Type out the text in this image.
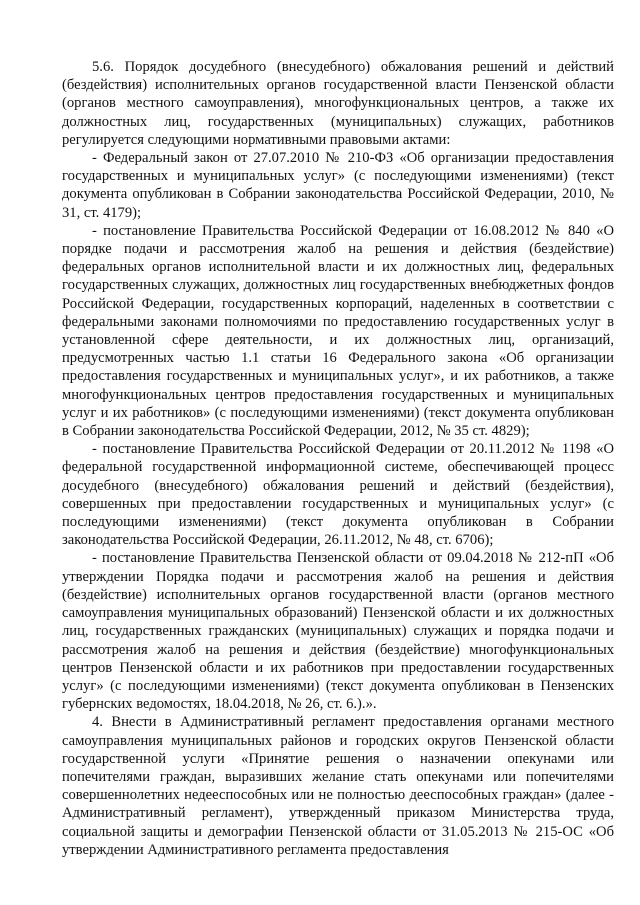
5.6. Порядок досудебного (внесудебного) обжалования решений и действий (бездействия) исполнительных органов государственной власти Пензенской области (органов местного самоуправления), многофункциональных центров, а также их должностных лиц, государственных (муниципальных) служащих, работников регулируется следующими нормативными правовыми актами:

- Федеральный закон от 27.07.2010 № 210-ФЗ «Об организации предоставления государственных и муниципальных услуг» (с последующими изменениями) (текст документа опубликован в Собрании законодательства Российской Федерации, 2010, № 31, ст. 4179);

- постановление Правительства Российской Федерации от 16.08.2012 № 840 «О порядке подачи и рассмотрения жалоб на решения и действия (бездействие) федеральных органов исполнительной власти и их должностных лиц, федеральных государственных служащих, должностных лиц государственных внебюджетных фондов Российской Федерации, государственных корпораций, наделенных в соответствии с федеральными законами полномочиями по предоставлению государственных услуг в установленной сфере деятельности, и их должностных лиц, организаций, предусмотренных частью 1.1 статьи 16 Федерального закона «Об организации предоставления государственных и муниципальных услуг», и их работников, а также многофункциональных центров предоставления государственных и муниципальных услуг и их работников» (с последующими изменениями) (текст документа опубликован в Собрании законодательства Российской Федерации, 2012, № 35 ст. 4829);

- постановление Правительства Российской Федерации от 20.11.2012 № 1198 «О федеральной государственной информационной системе, обеспечивающей процесс досудебного (внесудебного) обжалования решений и действий (бездействия), совершенных при предоставлении государственных и муниципальных услуг» (с последующими изменениями) (текст документа опубликован в Собрании законодательства Российской Федерации, 26.11.2012, № 48, ст. 6706);

- постановление Правительства Пензенской области от 09.04.2018 № 212-пП «Об утверждении Порядка подачи и рассмотрения жалоб на решения и действия (бездействие) исполнительных органов государственной власти (органов местного самоуправления муниципальных образований) Пензенской области и их должностных лиц, государственных гражданских (муниципальных) служащих и порядка подачи и рассмотрения жалоб на решения и действия (бездействие) многофункциональных центров Пензенской области и их работников при предоставлении государственных услуг» (с последующими изменениями) (текст документа опубликован в Пензенских губернских ведомостях, 18.04.2018, № 26, ст. 6.).».

4. Внести в Административный регламент предоставления органами местного самоуправления муниципальных районов и городских округов Пензенской области государственной услуги «Принятие решения о назначении опекунами или попечителями граждан, выразивших желание стать опекунами или попечителями совершеннолетних недееспособных или не полностью дееспособных граждан» (далее - Административный регламент), утвержденный приказом Министерства труда, социальной защиты и демографии Пензенской области от 31.05.2013 № 215-ОС «Об утверждении Административного регламента предоставления
